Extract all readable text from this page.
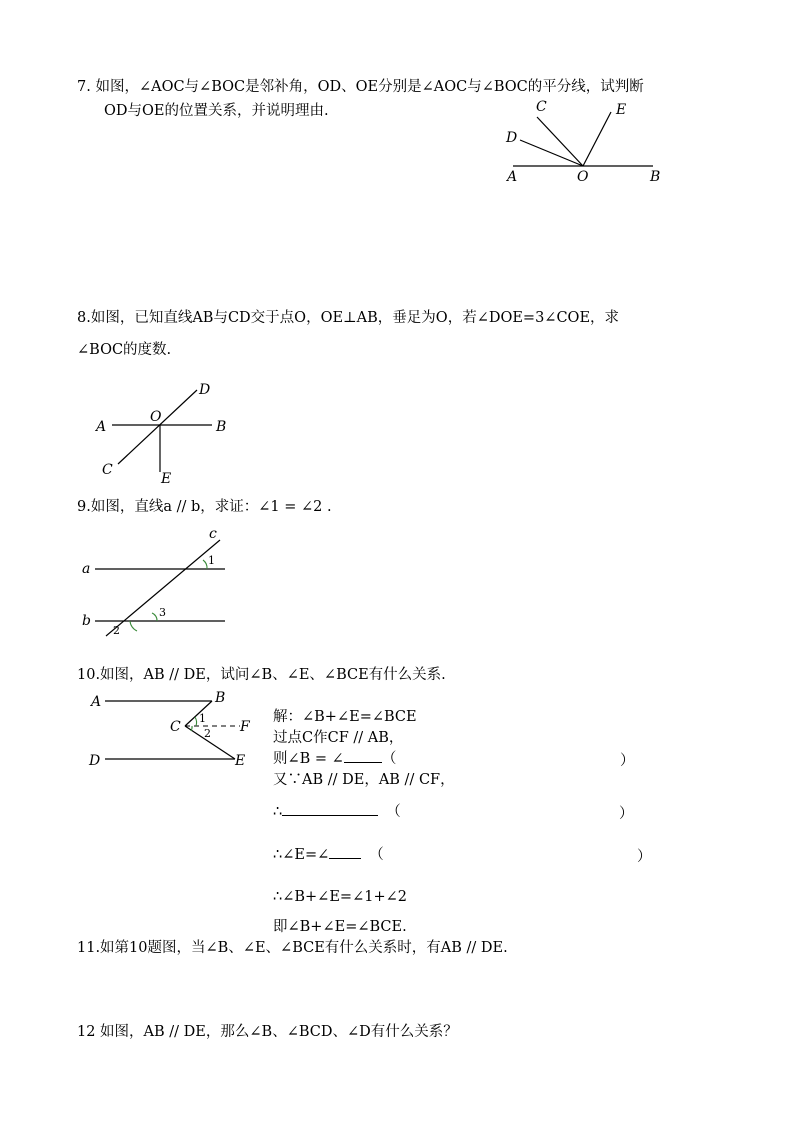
7. 如图，∠AOC与∠BOC是邻补角，OD、OE分别是∠AOC与∠BOC的平分线，试判断
OD与OE的位置关系，并说明理由.	C	E
D
A	O	B
8.如图，已知直线AB与CD交于点O，OE⊥AB，垂足为O，若∠DOE=3∠COE，求
∠BOC的度数.
D
O
A	B
C
E
9.如图，直线a // b，求证：∠1 = ∠2 .
c
a
b
1
3
2
10.如图，AB // DE，试问∠B、∠E、∠BCE有什么关系.
A	B
C
1
2 F
D	E
解：∠B+∠E=∠BCE
过点C作CF // AB，
则∠B = ∠	（	）
又∵AB // DE，AB // CF，
∴	（	）
∴∠E=∠	（	）
∴∠B+∠E=∠1+∠2
即∠B+∠E=∠BCE.
11.如第10题图，当∠B、∠E、∠BCE有什么关系时，有AB // DE.
12 如图，AB // DE，那么∠B、∠BCD、∠D有什么关系？
